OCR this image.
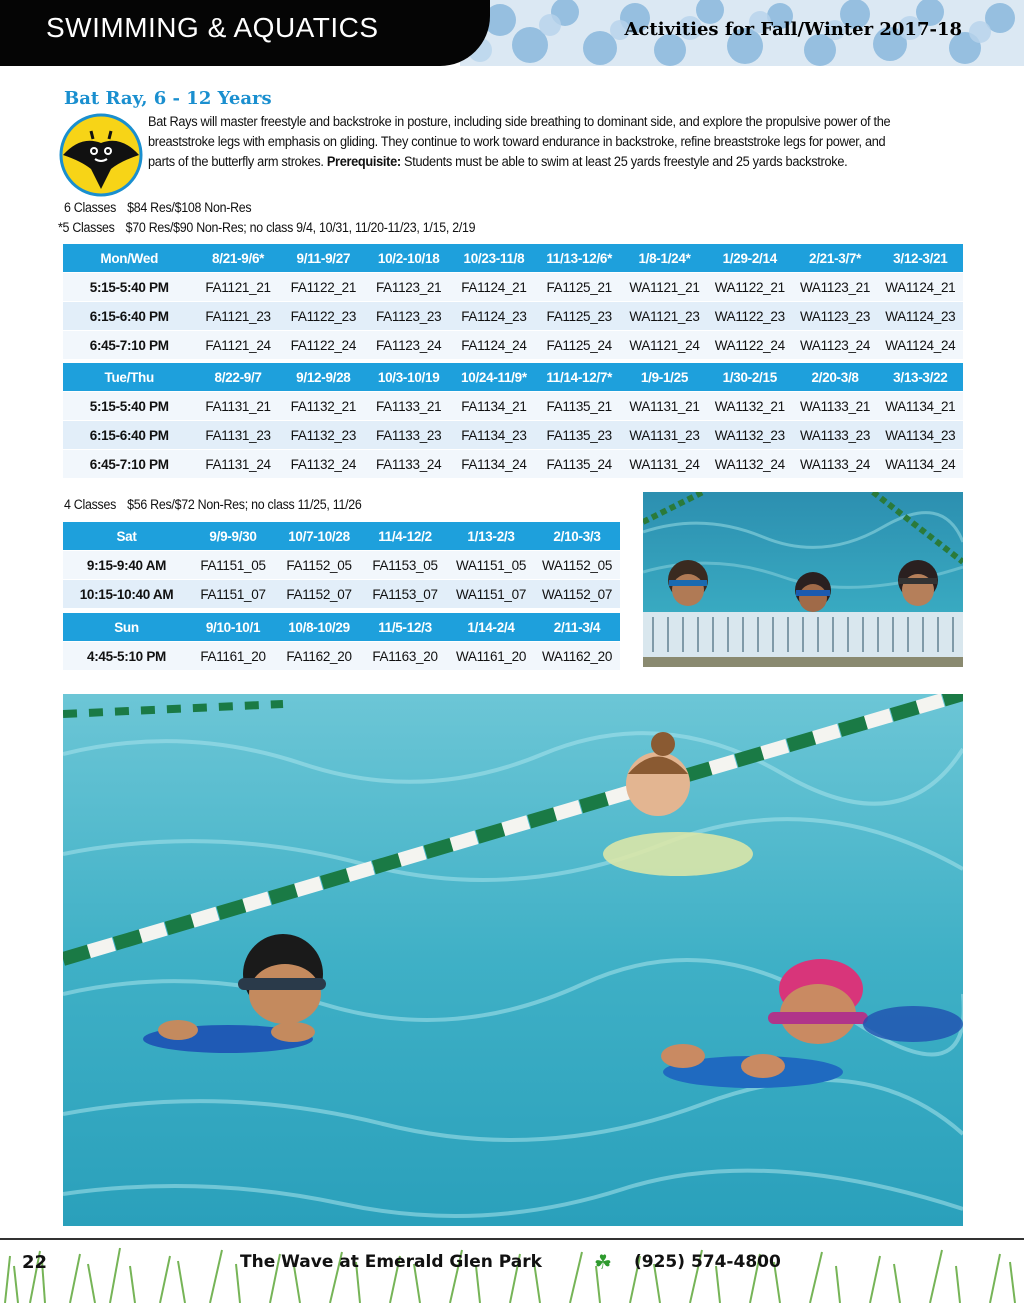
SWIMMING & AQUATICS	Activities for Fall/Winter 2017-18
Bat Ray, 6 - 12 Years
Bat Rays will master freestyle and backstroke in posture, including side breathing to dominant side, and explore the propulsive power of the breaststroke legs with emphasis on gliding. They continue to work toward endurance in backstroke, refine breaststroke legs for power, and parts of the butterfly arm strokes. Prerequisite: Students must be able to swim at least 25 yards freestyle and 25 yards backstroke.
6 Classes $84 Res/$108 Non-Res
*5 Classes $70 Res/$90 Non-Res; no class 9/4, 10/31, 11/20-11/23, 1/15, 2/19
Mon/Wed	8/21-9/6*	9/11-9/27	10/2-10/18	10/23-11/8	11/13-12/6*	1/8-1/24*	1/29-2/14	2/21-3/7*	3/12-3/21
5:15-5:40 PM	FA1121_21	FA1122_21	FA1123_21	FA1124_21	FA1125_21	WA1121_21	WA1122_21	WA1123_21	WA1124_21
6:15-6:40 PM	FA1121_23	FA1122_23	FA1123_23	FA1124_23	FA1125_23	WA1121_23	WA1122_23	WA1123_23	WA1124_23
6:45-7:10 PM	FA1121_24	FA1122_24	FA1123_24	FA1124_24	FA1125_24	WA1121_24	WA1122_24	WA1123_24	WA1124_24
Tue/Thu	8/22-9/7	9/12-9/28	10/3-10/19	10/24-11/9*	11/14-12/7*	1/9-1/25	1/30-2/15	2/20-3/8	3/13-3/22
5:15-5:40 PM	FA1131_21	FA1132_21	FA1133_21	FA1134_21	FA1135_21	WA1131_21	WA1132_21	WA1133_21	WA1134_21
6:15-6:40 PM	FA1131_23	FA1132_23	FA1133_23	FA1134_23	FA1135_23	WA1131_23	WA1132_23	WA1133_23	WA1134_23
6:45-7:10 PM	FA1131_24	FA1132_24	FA1133_24	FA1134_24	FA1135_24	WA1131_24	WA1132_24	WA1133_24	WA1134_24
4 Classes $56 Res/$72 Non-Res; no class 11/25, 11/26
Sat	9/9-9/30	10/7-10/28	11/4-12/2	1/13-2/3	2/10-3/3
9:15-9:40 AM	FA1151_05	FA1152_05	FA1153_05	WA1151_05	WA1152_05
10:15-10:40 AM	FA1151_07	FA1152_07	FA1153_07	WA1151_07	WA1152_07
Sun	9/10-10/1	10/8-10/29	11/5-12/3	1/14-2/4	2/11-3/4
4:45-5:10 PM	FA1161_20	FA1162_20	FA1163_20	WA1161_20	WA1162_20
22	The Wave at Emerald Glen Park	☘ (925) 574-4800
